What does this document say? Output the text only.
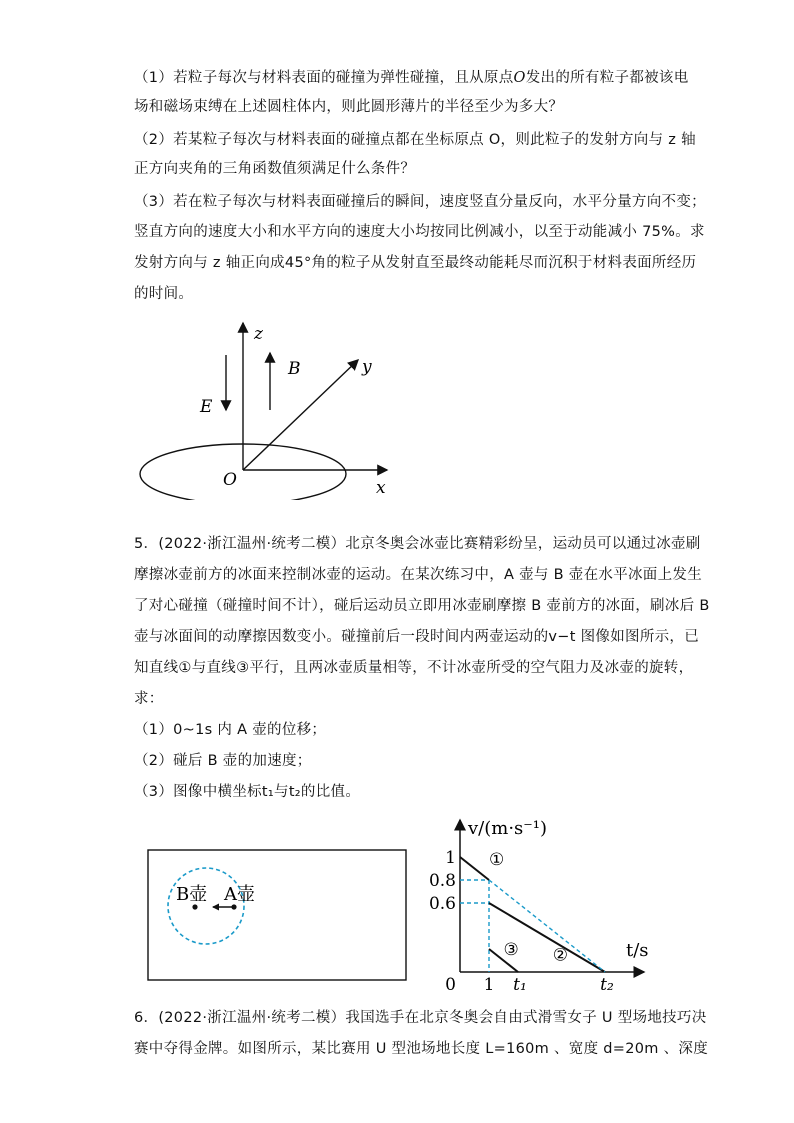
（1）若粒子每次与材料表面的碰撞为弹性碰撞，且从原点O发出的所有粒子都被该电
场和磁场束缚在上述圆柱体内，则此圆形薄片的半径至少为多大？
（2）若某粒子每次与材料表面的碰撞点都在坐标原点 O，则此粒子的发射方向与 z 轴
正方向夹角的三角函数值须满足什么条件？
（3）若在粒子每次与材料表面碰撞后的瞬间，速度竖直分量反向，水平分量方向不变；
竖直方向的速度大小和水平方向的速度大小均按同比例减小，以至于动能减小 75%。求
发射方向与 z 轴正向成45°角的粒子从发射直至最终动能耗尽而沉积于材料表面所经历
的时间。
z
B	y
E
O	x
5．(2022·浙江温州·统考二模）北京冬奥会冰壶比赛精彩纷呈，运动员可以通过冰壶刷
摩擦冰壶前方的冰面来控制冰壶的运动。在某次练习中，A 壶与 B 壶在水平冰面上发生
了对心碰撞（碰撞时间不计），碰后运动员立即用冰壶刷摩擦 B 壶前方的冰面，刷冰后 B
壶与冰面间的动摩擦因数变小。碰撞前后一段时间内两壶运动的v−t 图像如图所示，已
知直线①与直线③平行，且两冰壶质量相等，不计冰壶所受的空气阻力及冰壶的旋转，
求：
（1）0~1s 内 A 壶的位移；
（2）碰后 B 壶的加速度；
（3）图像中横坐标t₁与t₂的比值。
B壶 A壶
v/(m·s⁻¹)
t/s
①
②
③
1
0.8
0.6
0 1 t₁	t₂
6．(2022·浙江温州·统考二模）我国选手在北京冬奥会自由式滑雪女子 U 型场地技巧决
赛中夺得金牌。如图所示，某比赛用 U 型池场地长度 L=160m 、宽度 d=20m 、深度
